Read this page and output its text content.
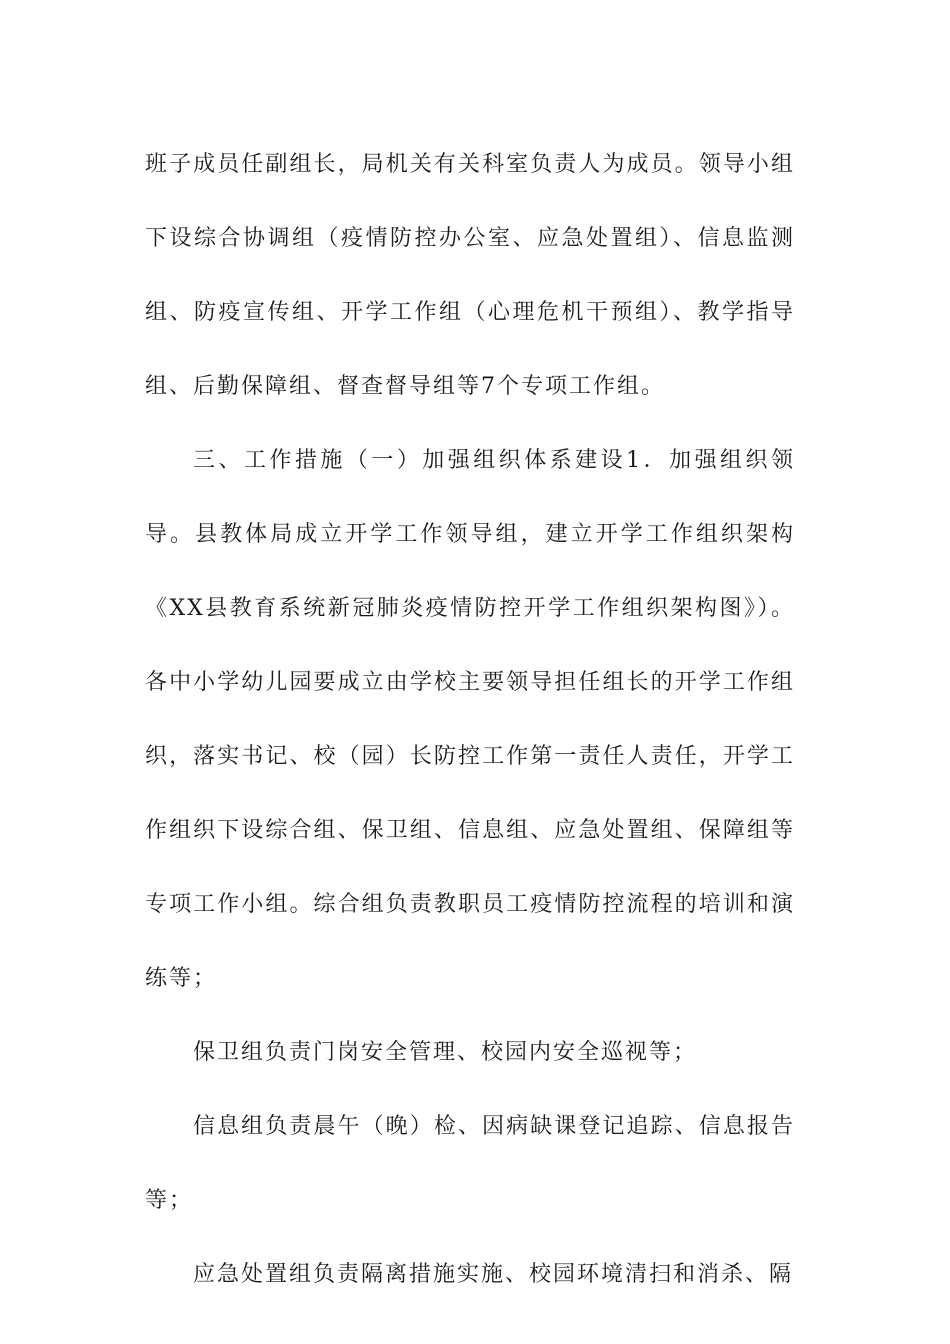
班子成员任副组长，局机关有关科室负责人为成员。领导小组下设综合协调组（疫情防控办公室、应急处置组）、信息监测组、防疫宣传组、开学工作组（心理危机干预组）、教学指导组、后勤保障组、督查督导组等7个专项工作组。

三、工作措施（一）加强组织体系建设1．加强组织领导。县教体局成立开学工作领导组，建立开学工作组织架构《XX县教育系统新冠肺炎疫情防控开学工作组织架构图》）。各中小学幼儿园要成立由学校主要领导担任组长的开学工作组织，落实书记、校（园）长防控工作第一责任人责任，开学工作组织下设综合组、保卫组、信息组、应急处置组、保障组等专项工作小组。综合组负责教职员工疫情防控流程的培训和演练等；

保卫组负责门岗安全管理、校园内安全巡视等；

信息组负责晨午（晚）检、因病缺课登记追踪、信息报告等；

应急处置组负责隔离措施实施、校园环境清扫和消杀、隔
